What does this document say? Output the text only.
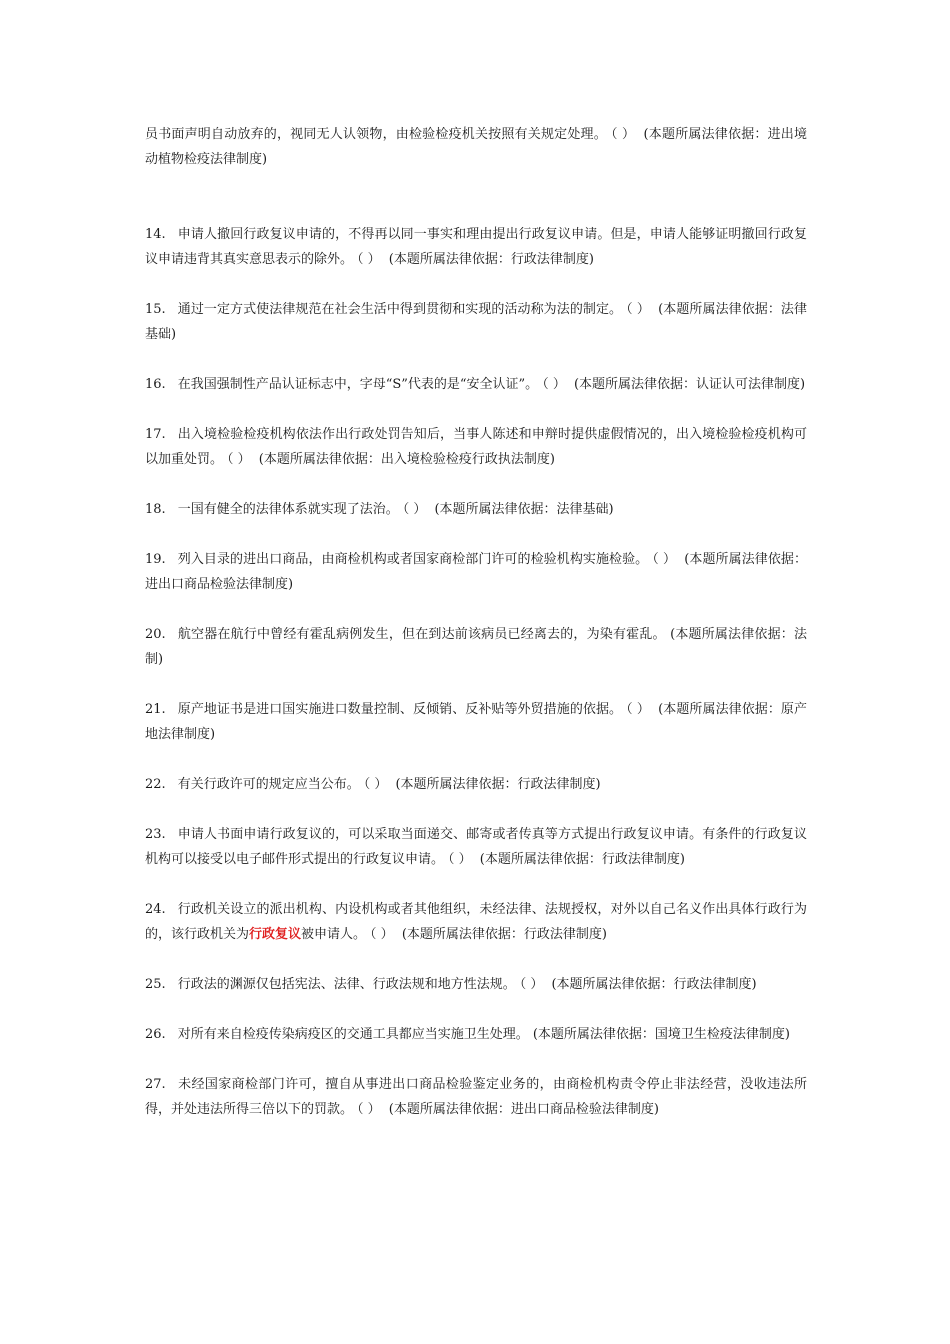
员书面声明自动放弃的，视同无人认领物，由检验检疫机关按照有关规定处理。 （ ） (本题所属法律依据：进出境动植物检疫法律制度)

14. 申请人撤回行政复议申请的，不得再以同一事实和理由提出行政复议申请。但是，申请人能够证明撤回行政复议申请违背其真实意思表示的除外。 （ ） (本题所属法律依据：行政法律制度)

15. 通过一定方式使法律规范在社会生活中得到贯彻和实现的活动称为法的制定。 （ ） (本题所属法律依据：法律基础)

16. 在我国强制性产品认证标志中，字母“S”代表的是“安全认证”。 （ ） (本题所属法律依据：认证认可法律制度)

17. 出入境检验检疫机构依法作出行政处罚告知后，当事人陈述和申辩时提供虚假情况的，出入境检验检疫机构可以加重处罚。 （ ） (本题所属法律依据：出入境检验检疫行政执法制度)

18. 一国有健全的法律体系就实现了法治。 （ ） (本题所属法律依据：法律基础)

19. 列入目录的进出口商品，由商检机构或者国家商检部门许可的检验机构实施检验。 （ ） (本题所属法律依据：进出口商品检验法律制度)

20. 航空器在航行中曾经有霍乱病例发生，但在到达前该病员已经离去的，为染有霍乱。 (本题所属法律依据：法制)

21. 原产地证书是进口国实施进口数量控制、反倾销、反补贴等外贸措施的依据。 （ ） (本题所属法律依据：原产地法律制度)

22. 有关行政许可的规定应当公布。 （ ） (本题所属法律依据：行政法律制度)

23. 申请人书面申请行政复议的，可以采取当面递交、邮寄或者传真等方式提出行政复议申请。有条件的行政复议机构可以接受以电子邮件形式提出的行政复议申请。 （ ） (本题所属法律依据：行政法律制度)

24. 行政机关设立的派出机构、内设机构或者其他组织，未经法律、法规授权，对外以自己名义作出具体行政行为的，该行政机关为行政复议被申请人。 （ ） (本题所属法律依据：行政法律制度)

25. 行政法的渊源仅包括宪法、法律、行政法规和地方性法规。 （ ） (本题所属法律依据：行政法律制度)

26. 对所有来自检疫传染病疫区的交通工具都应当实施卫生处理。 (本题所属法律依据：国境卫生检疫法律制度)

27. 未经国家商检部门许可，擅自从事进出口商品检验鉴定业务的，由商检机构责令停止非法经营，没收违法所得，并处违法所得三倍以下的罚款。 （ ） (本题所属法律依据：进出口商品检验法律制度)
